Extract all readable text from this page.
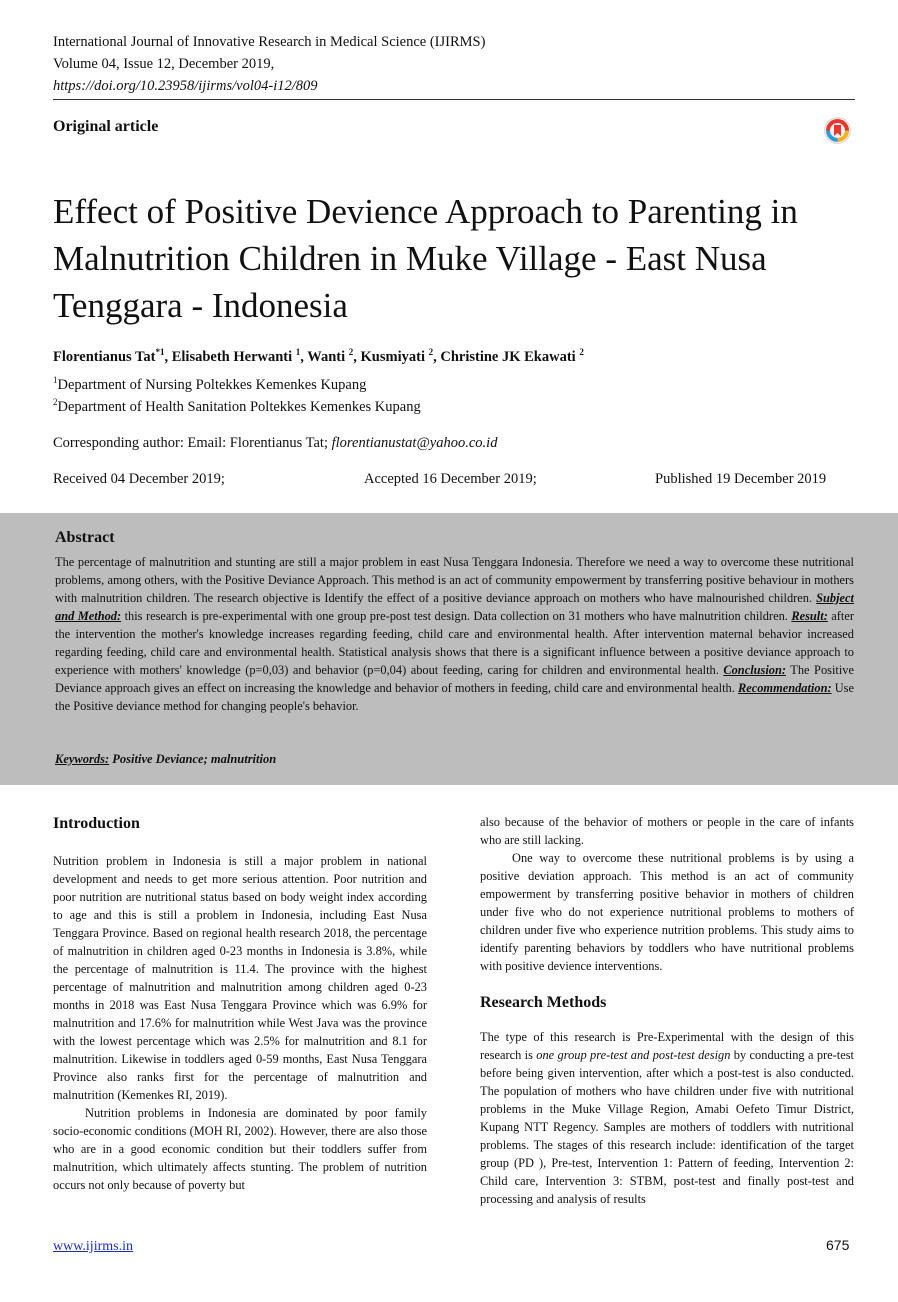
International Journal of Innovative Research in Medical Science (IJIRMS)
Volume 04, Issue 12, December 2019,
https://doi.org/10.23958/ijirms/vol04-i12/809
Original article
Effect of Positive Devience Approach to Parenting in Malnutrition Children in Muke Village - East Nusa Tenggara - Indonesia
Florentianus Tat$^{*1}$, Elisabeth Herwanti $^1$, Wanti $^2$, Kusmiyati $^2$, Christine JK Ekawati $^2$
$^1$Department of Nursing Poltekkes Kemenkes Kupang
$^2$Department of Health Sanitation Poltekkes Kemenkes Kupang
Corresponding author: Email: Florentianus Tat; florentianustat@yahoo.co.id
Received 04 December 2019;	Accepted 16 December 2019;	Published 19 December 2019
Abstract
The percentage of malnutrition and stunting are still a major problem in east Nusa Tenggara Indonesia. Therefore we need a way to overcome these nutritional problems, among others, with the Positive Deviance Approach. This method is an act of community empowerment by transferring positive behaviour in mothers with malnutrition children. The research objective is Identify the effect of a positive deviance approach on mothers who have malnourished children. Subject and Method: this research is pre-experimental with one group pre-post test design. Data collection on 31 mothers who have malnutrition children. Result: after the intervention the mother's knowledge increases regarding feeding, child care and environmental health. After intervention maternal behavior increased regarding feeding, child care and environmental health. Statistical analysis shows that there is a significant influence between a positive deviance approach to experience with mothers' knowledge (p=0,03) and behavior (p=0,04) about feeding, caring for children and environmental health. Conclusion: The Positive Deviance approach gives an effect on increasing the knowledge and behavior of mothers in feeding, child care and environmental health. Recommendation: Use the Positive deviance method for changing people's behavior.
Keywords: Positive Deviance; malnutrition
Introduction

Nutrition problem in Indonesia is still a major problem in national development and needs to get more serious attention. Poor nutrition and poor nutrition are nutritional status based on body weight index according to age and this is still a problem in Indonesia, including East Nusa Tenggara Province. Based on regional health research 2018, the percentage of malnutrition in children aged 0-23 months in Indonesia is 3.8%, while the percentage of malnutrition is 11.4. The province with the highest percentage of malnutrition and malnutrition among children aged 0-23 months in 2018 was East Nusa Tenggara Province which was 6.9% for malnutrition and 17.6% for malnutrition while West Java was the province with the lowest percentage which was 2.5% for malnutrition and 8.1 for malnutrition. Likewise in toddlers aged 0-59 months, East Nusa Tenggara Province also ranks first for the percentage of malnutrition and malnutrition (Kemenkes RI, 2019).

Nutrition problems in Indonesia are dominated by poor family socio-economic conditions (MOH RI, 2002). However, there are also those who are in a good economic condition but their toddlers suffer from malnutrition, which ultimately affects stunting. The problem of nutrition occurs not only because of poverty but

also because of the behavior of mothers or people in the care of infants who are still lacking.

One way to overcome these nutritional problems is by using a positive deviation approach. This method is an act of community empowerment by transferring positive behavior in mothers of children under five who do not experience nutritional problems to mothers of children under five who experience nutrition problems. This study aims to identify parenting behaviors by toddlers who have nutritional problems with positive devience interventions.

Research Methods

The type of this research is Pre-Experimental with the design of this research is one group pre-test and post-test design by conducting a pre-test before being given intervention, after which a post-test is also conducted. The population of mothers who have children under five with nutritional problems in the Muke Village Region, Amabi Oefeto Timur District, Kupang NTT Regency. Samples are mothers of toddlers with nutritional problems. The stages of this research include: identification of the target group (PD ), Pre-test, Intervention 1: Pattern of feeding, Intervention 2: Child care, Intervention 3: STBM, post-test and finally post-test and processing and analysis of results

www.ijirms.in	675
